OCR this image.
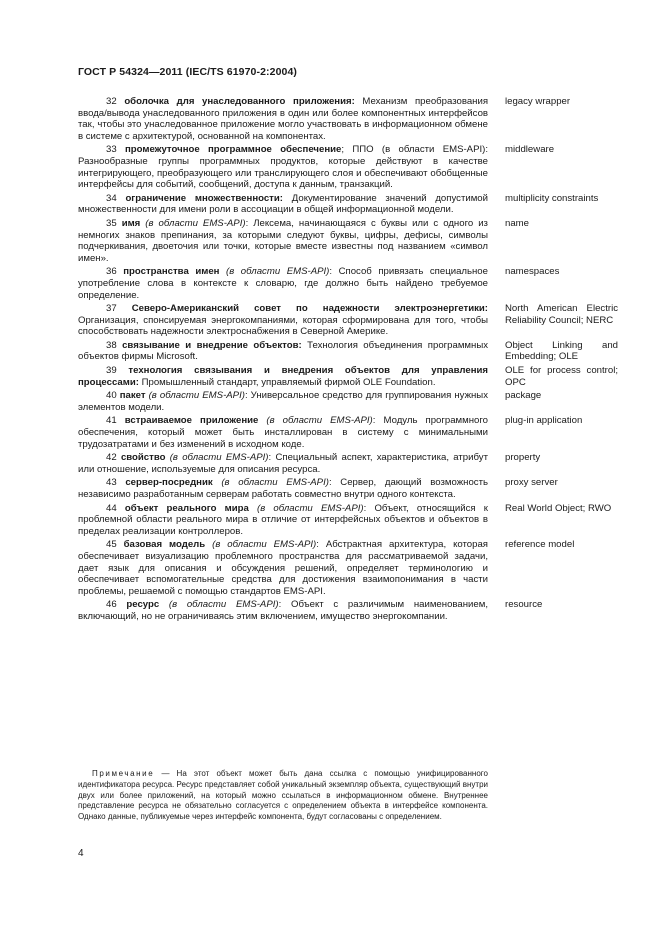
ГОСТ Р 54324—2011 (IEC/TS 61970-2:2004)
32 оболочка для унаследованного приложения: Механизм преобразования ввода/вывода унаследованного приложения в один или более компонентных интерфейсов так, чтобы это унаследованное приложение могло участвовать в информационном обмене в системе с архитектурой, основанной на компонентах.
legacy wrapper
33 промежуточное программное обеспечение; ППО (в области EMS-API): Разнообразные группы программных продуктов, которые действуют в качестве интегрирующего, преобразующего или транслирующего слоя и обеспечивают обобщенные интерфейсы для событий, сообщений, доступа к данным, транзакций.
middleware
34 ограничение множественности: Документирование значений допустимой множественности для имени роли в ассоциации в общей информационной модели.
multiplicity constraints
35 имя (в области EMS-API): Лексема, начинающаяся с буквы или с одного из немногих знаков препинания, за которыми следуют буквы, цифры, дефисы, символы подчеркивания, двоеточия или точки, которые вместе известны под названием «символ имен».
name
36 пространства имен (в области EMS-API): Способ привязать специальное употребление слова в контексте к словарю, где должно быть найдено требуемое определение.
namespaces
37 Северо-Американский совет по надежности электроэнергетики: Организация, спонсируемая энергокомпаниями, которая сформирована для того, чтобы способствовать надежности электроснабжения в Северной Америке.
North American Electric Reliability Council; NERC
38 связывание и внедрение объектов: Технология объединения программных объектов фирмы Microsoft.
Object Linking and Embedding; OLE
39 технология связывания и внедрения объектов для управления процессами: Промышленный стандарт, управляемый фирмой OLE Foundation.
OLE for process control; OPC
40 пакет (в области EMS-API): Универсальное средство для группирования нужных элементов модели.
package
41 встраиваемое приложение (в области EMS-API): Модуль программного обеспечения, который может быть инсталлирован в систему с минимальными трудозатратами и без изменений в исходном коде.
plug-in application
42 свойство (в области EMS-API): Специальный аспект, характеристика, атрибут или отношение, используемые для описания ресурса.
property
43 сервер-посредник (в области EMS-API): Сервер, дающий возможность независимо разработанным серверам работать совместно внутри одного контекста.
proxy server
44 объект реального мира (в области EMS-API): Объект, относящийся к проблемной области реального мира в отличие от интерфейсных объектов и объектов в пределах реализации контроллеров.
Real World Object; RWO
45 базовая модель (в области EMS-API): Абстрактная архитектура, которая обеспечивает визуализацию проблемного пространства для рассматриваемой задачи, дает язык для описания и обсуждения решений, определяет терминологию и обеспечивает вспомогательные средства для достижения взаимопонимания в части проблемы, решаемой с помощью стандартов EMS-API.
reference model
46 ресурс (в области EMS-API): Объект с различимым наименованием, включающий, но не ограничиваясь этим включением, имущество энергокомпании.
resource
Примечание — На этот объект может быть дана ссылка с помощью унифицированного идентификатора ресурса. Ресурс представляет собой уникальный экземпляр объекта, существующий внутри двух или более приложений, на который можно ссылаться в информационном обмене. Внутреннее представление ресурса не обязательно согласуется с определением объекта в интерфейсе компонента. Однако данные, публикуемые через интерфейс компонента, будут согласованы с определением.
4
